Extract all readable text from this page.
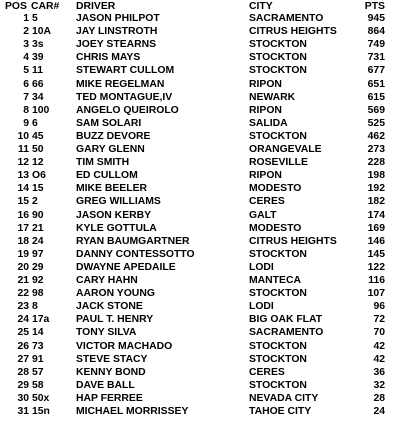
POS CAR#	DRIVER	CITY	PTS
1 5	JASON PHILPOT	SACRAMENTO	945
2 10A	JAY LINSTROTH	CITRUS HEIGHTS	864
3 3s	JOEY STEARNS	STOCKTON	749
4 39	CHRIS MAYS	STOCKTON	731
5 11	STEWART CULLOM	STOCKTON	677
6 66	MIKE REGELMAN	RIPON	651
7 34	TED MONTAGUE,IV	NEWARK	615
8 100	ANGELO QUEIROLO	RIPON	569
9 6	SAM SOLARI	SALIDA	525
10 45	BUZZ DEVORE	STOCKTON	462
11 50	GARY GLENN	ORANGEVALE	273
12 12	TIM SMITH	ROSEVILLE	228
13 O6	ED CULLOM	RIPON	198
14 15	MIKE BEELER	MODESTO	192
15 2	GREG WILLIAMS	CERES	182
16 90	JASON KERBY	GALT	174
17 21	KYLE GOTTULA	MODESTO	169
18 24	RYAN BAUMGARTNER	CITRUS HEIGHTS	146
19 97	DANNY CONTESSOTTO	STOCKTON	145
20 29	DWAYNE APEDAILE	LODI	122
21 92	CARY HAHN	MANTECA	116
22 98	AARON YOUNG	STOCKTON	107
23 8	JACK STONE	LODI	96
24 17a	PAUL T. HENRY	BIG OAK FLAT	72
25 14	TONY SILVA	SACRAMENTO	70
26 73	VICTOR MACHADO	STOCKTON	42
27 91	STEVE STACY	STOCKTON	42
28 57	KENNY BOND	CERES	36
29 58	DAVE BALL	STOCKTON	32
30 50x	HAP FERREE	NEVADA CITY	28
31 15n	MICHAEL MORRISSEY	TAHOE CITY	24
